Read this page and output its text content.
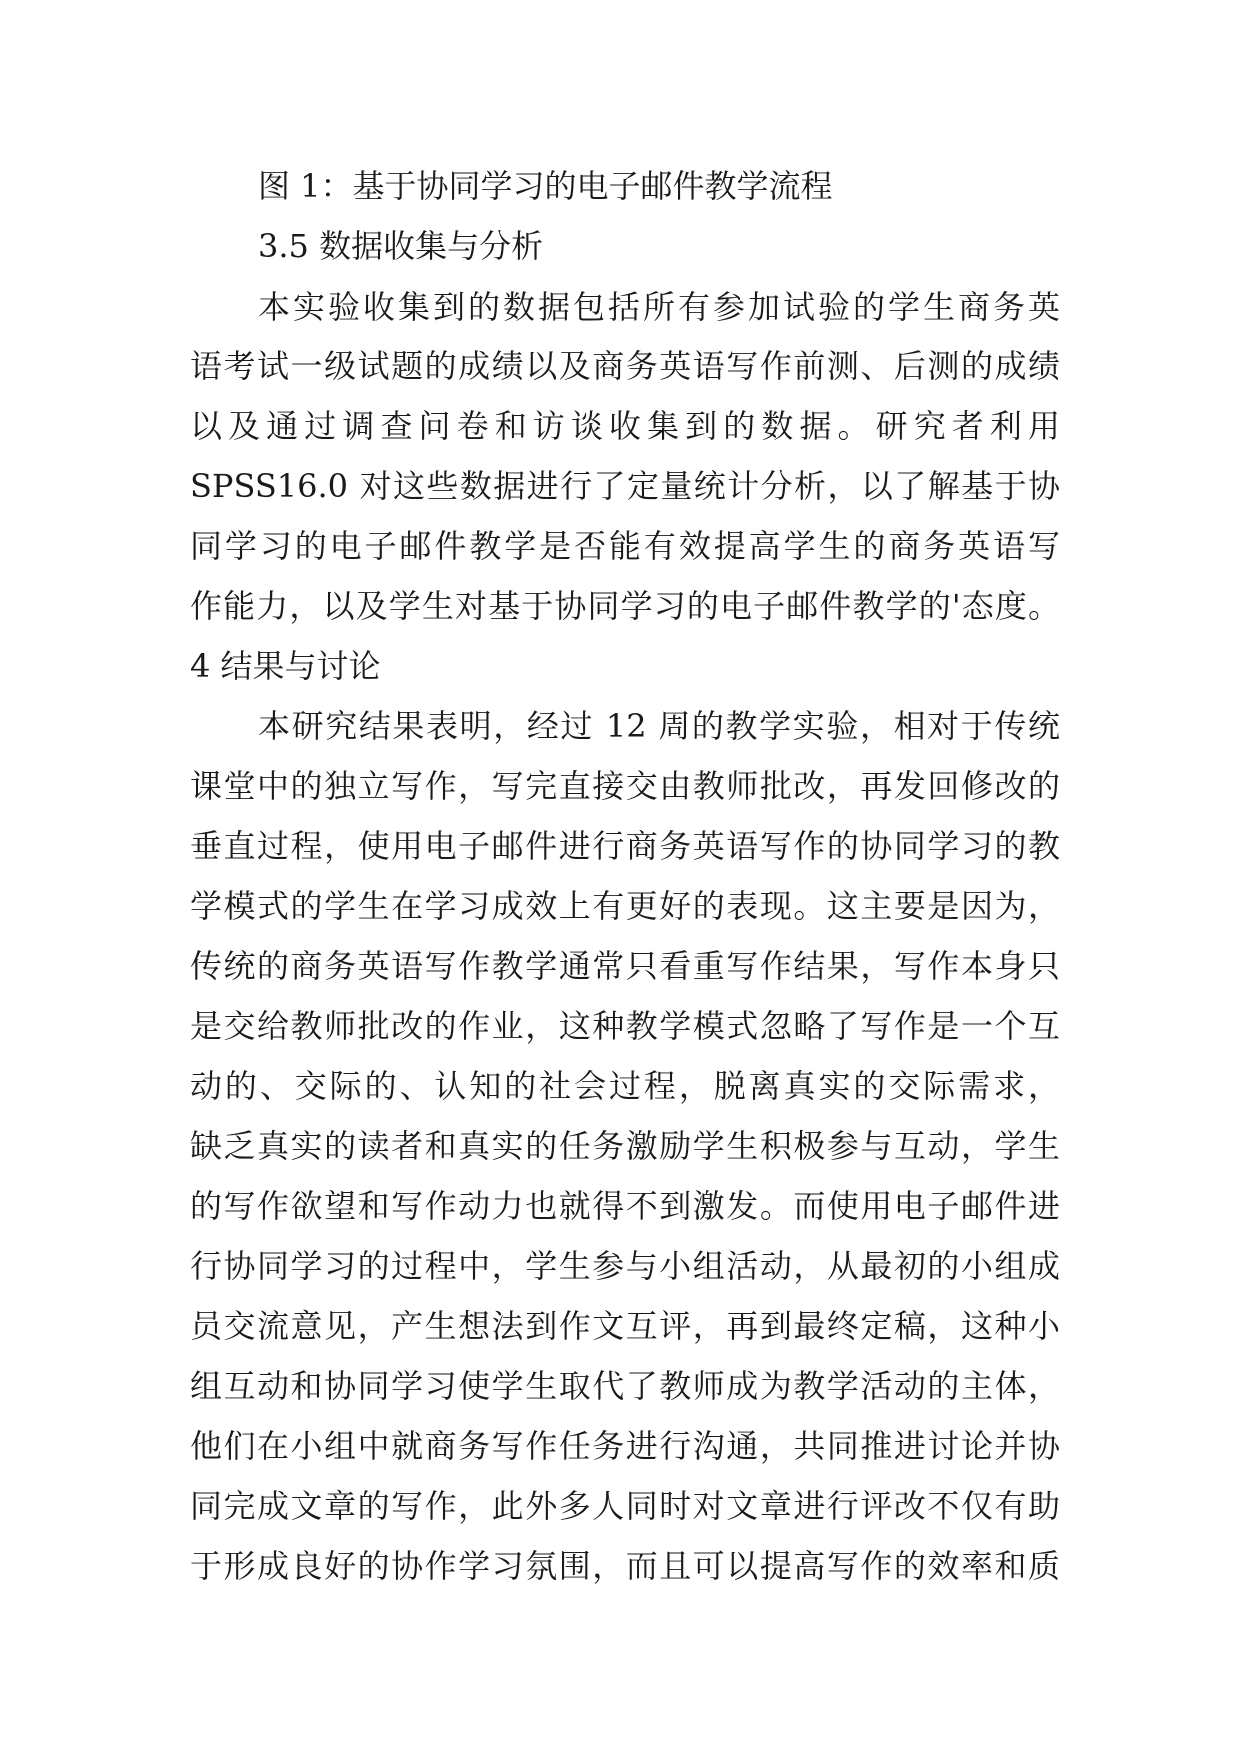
图 1：基于协同学习的电子邮件教学流程
3.5 数据收集与分析
本实验收集到的数据包括所有参加试验的学生商务英
语考试一级试题的成绩以及商务英语写作前测、后测的成绩
以及通过调查问卷和访谈收集到的数据。研究者利用
SPSS16.0 对这些数据进行了定量统计分析，以了解基于协
同学习的电子邮件教学是否能有效提高学生的商务英语写
作能力，以及学生对基于协同学习的电子邮件教学的'态度。
4 结果与讨论
本研究结果表明，经过 12 周的教学实验，相对于传统
课堂中的独立写作，写完直接交由教师批改，再发回修改的
垂直过程，使用电子邮件进行商务英语写作的协同学习的教
学模式的学生在学习成效上有更好的表现。这主要是因为，
传统的商务英语写作教学通常只看重写作结果，写作本身只
是交给教师批改的作业，这种教学模式忽略了写作是一个互
动的、交际的、认知的社会过程，脱离真实的交际需求，
缺乏真实的读者和真实的任务激励学生积极参与互动，学生
的写作欲望和写作动力也就得不到激发。而使用电子邮件进
行协同学习的过程中，学生参与小组活动，从最初的小组成
员交流意见，产生想法到作文互评，再到最终定稿，这种小
组互动和协同学习使学生取代了教师成为教学活动的主体，
他们在小组中就商务写作任务进行沟通，共同推进讨论并协
同完成文章的写作，此外多人同时对文章进行评改不仅有助
于形成良好的协作学习氛围，而且可以提高写作的效率和质
